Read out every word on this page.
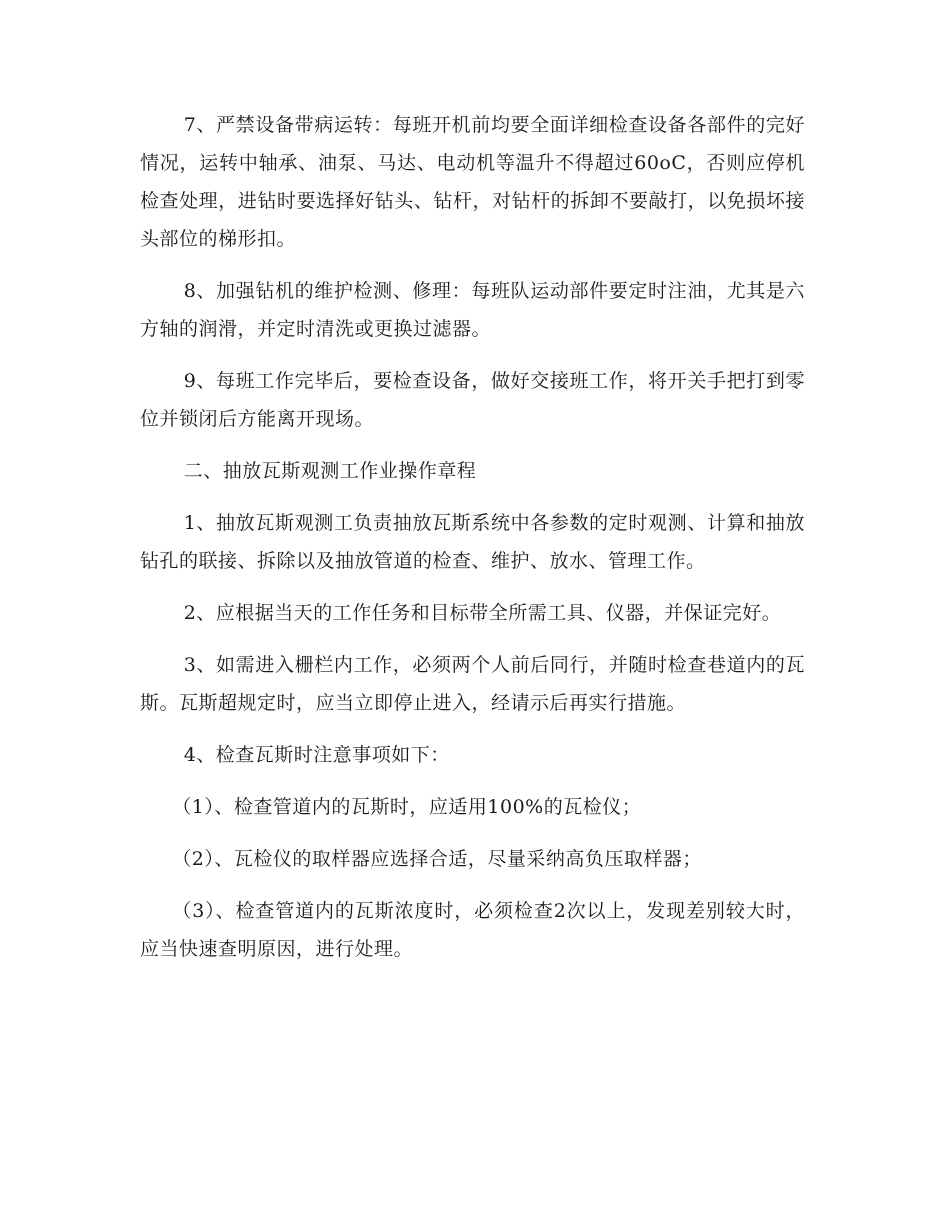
7、严禁设备带病运转：每班开机前均要全面详细检查设备各部件的完好情况，运转中轴承、油泵、马达、电动机等温升不得超过60oC，否则应停机检查处理，进钻时要选择好钻头、钻杆，对钻杆的拆卸不要敲打，以免损坏接头部位的梯形扣。

8、加强钻机的维护检测、修理：每班队运动部件要定时注油，尤其是六方轴的润滑，并定时清洗或更换过滤器。

9、每班工作完毕后，要检查设备，做好交接班工作，将开关手把打到零位并锁闭后方能离开现场。

二、抽放瓦斯观测工作业操作章程

1、抽放瓦斯观测工负责抽放瓦斯系统中各参数的定时观测、计算和抽放钻孔的联接、拆除以及抽放管道的检查、维护、放水、管理工作。

2、应根据当天的工作任务和目标带全所需工具、仪器，并保证完好。

3、如需进入栅栏内工作，必须两个人前后同行，并随时检查巷道内的瓦斯。瓦斯超规定时，应当立即停止进入，经请示后再实行措施。

4、检查瓦斯时注意事项如下：

（1）、检查管道内的瓦斯时，应适用100%的瓦检仪；

（2）、瓦检仪的取样器应选择合适，尽量采纳高负压取样器；

（3）、检查管道内的瓦斯浓度时，必须检查2次以上，发现差别较大时，应当快速查明原因，进行处理。
